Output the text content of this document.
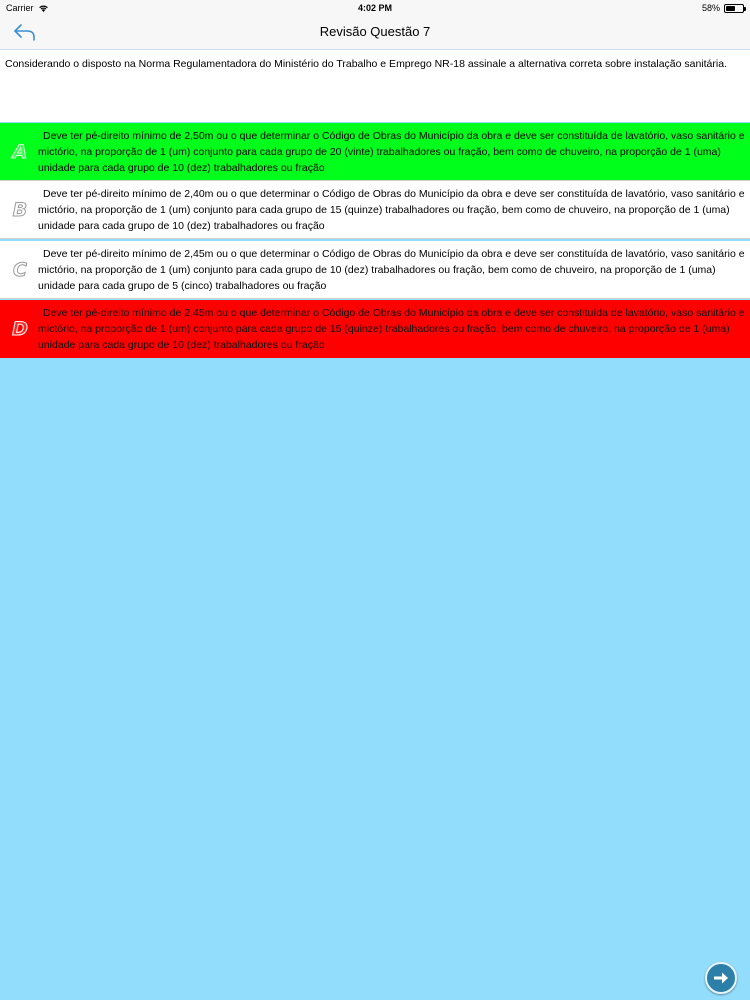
Carrier	4:02 PM	58%
Revisão Questão 7
Considerando o disposto na Norma Regulamentadora do Ministério do Trabalho e Emprego NR-18 assinale a alternativa correta sobre instalação sanitária.
A
Deve ter pé-direito mínimo de 2,50m ou o que determinar o Código de Obras do Município da obra e deve ser constituída de lavatório, vaso sanitário e mictório, na proporção de 1 (um) conjunto para cada grupo de 20 (vinte) trabalhadores ou fração, bem como de chuveiro, na proporção de 1 (uma) unidade para cada grupo de 10 (dez) trabalhadores ou fração
B
Deve ter pé-direito mínimo de 2,40m ou o que determinar o Código de Obras do Município da obra e deve ser constituída de lavatório, vaso sanitário e mictório, na proporção de 1 (um) conjunto para cada grupo de 15 (quinze) trabalhadores ou fração, bem como de chuveiro, na proporção de 1 (uma) unidade para cada grupo de 10 (dez) trabalhadores ou fração
C
Deve ter pé-direito mínimo de 2,45m ou o que determinar o Código de Obras do Município da obra e deve ser constituída de lavatório, vaso sanitário e mictório, na proporção de 1 (um) conjunto para cada grupo de 10 (dez) trabalhadores ou fração, bem como de chuveiro, na proporção de 1 (uma) unidade para cada grupo de 5 (cinco) trabalhadores ou fração
D
Deve ter pé-direito mínimo de 2,45m ou o que determinar o Código de Obras do Município da obra e deve ser constituída de lavatório, vaso sanitário e mictório, na proporção de 1 (um) conjunto para cada grupo de 15 (quinze) trabalhadores ou fração, bem como de chuveiro, na proporção de 1 (uma) unidade para cada grupo de 10 (dez) trabalhadores ou fração
